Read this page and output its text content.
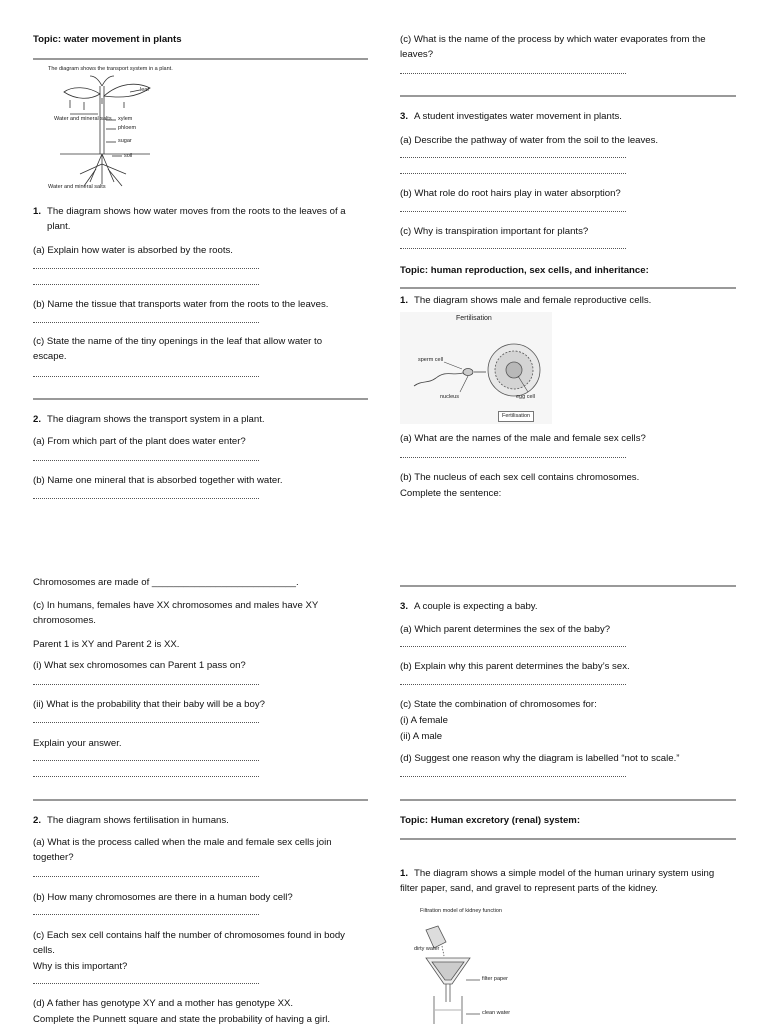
Topic: water movement in plants
The diagram shows the transport system in a plant.
leaf
Water and mineral salts xylem
phloem
sugar
soil
Water and mineral salts
1. The diagram shows how water moves from the roots to the leaves of a plant.
(a) Explain how water is absorbed by the roots.
(b) Name the tissue that transports water from the roots to the leaves.
(c) State the name of the tiny openings in the leaf that allow water to escape.
2. The diagram shows the transport system in a plant.
(a) From which part of the plant does water enter?
(b) Name one mineral that is absorbed together with water.
(c) What is the name of the process by which water evaporates from the leaves?
3. A student investigates water movement in plants.
(a) Describe the pathway of water from the soil to the leaves.
(b) What role do root hairs play in water absorption?
(c) Why is transpiration important for plants?
Topic: human reproduction, sex cells, and inheritance:
1. The diagram shows male and female reproductive cells.
Fertilisation
sperm cell
nucleus	egg cell
Fertilisation
(a) What are the names of the male and female sex cells?
(b) The nucleus of each sex cell contains chromosomes.
Complete the sentence:
Chromosomes are made of ___________________________.
(c) In humans, females have XX chromosomes and males have XY chromosomes.
Parent 1 is XY and Parent 2 is XX.
(i) What sex chromosomes can Parent 1 pass on?
(ii) What is the probability that their baby will be a boy?
Explain your answer.
2. The diagram shows fertilisation in humans.
(a) What is the process called when the male and female sex cells join together?
(b) How many chromosomes are there in a human body cell?
(c) Each sex cell contains half the number of chromosomes found in body cells.
Why is this important?
(d) A father has genotype XY and a mother has genotype XX.
Complete the Punnett square and state the probability of having a girl.
3. A couple is expecting a baby.
(a) Which parent determines the sex of the baby?
(b) Explain why this parent determines the baby’s sex.
(c) State the combination of chromosomes for:
(i) A female
(ii) A male
(d) Suggest one reason why the diagram is labelled “not to scale.”
Topic: Human excretory (renal) system:
1. The diagram shows a simple model of the human urinary system using filter paper, sand, and gravel to represent parts of the kidney.
Filtration model of kidney function
dirty water
filter paper
clean water
